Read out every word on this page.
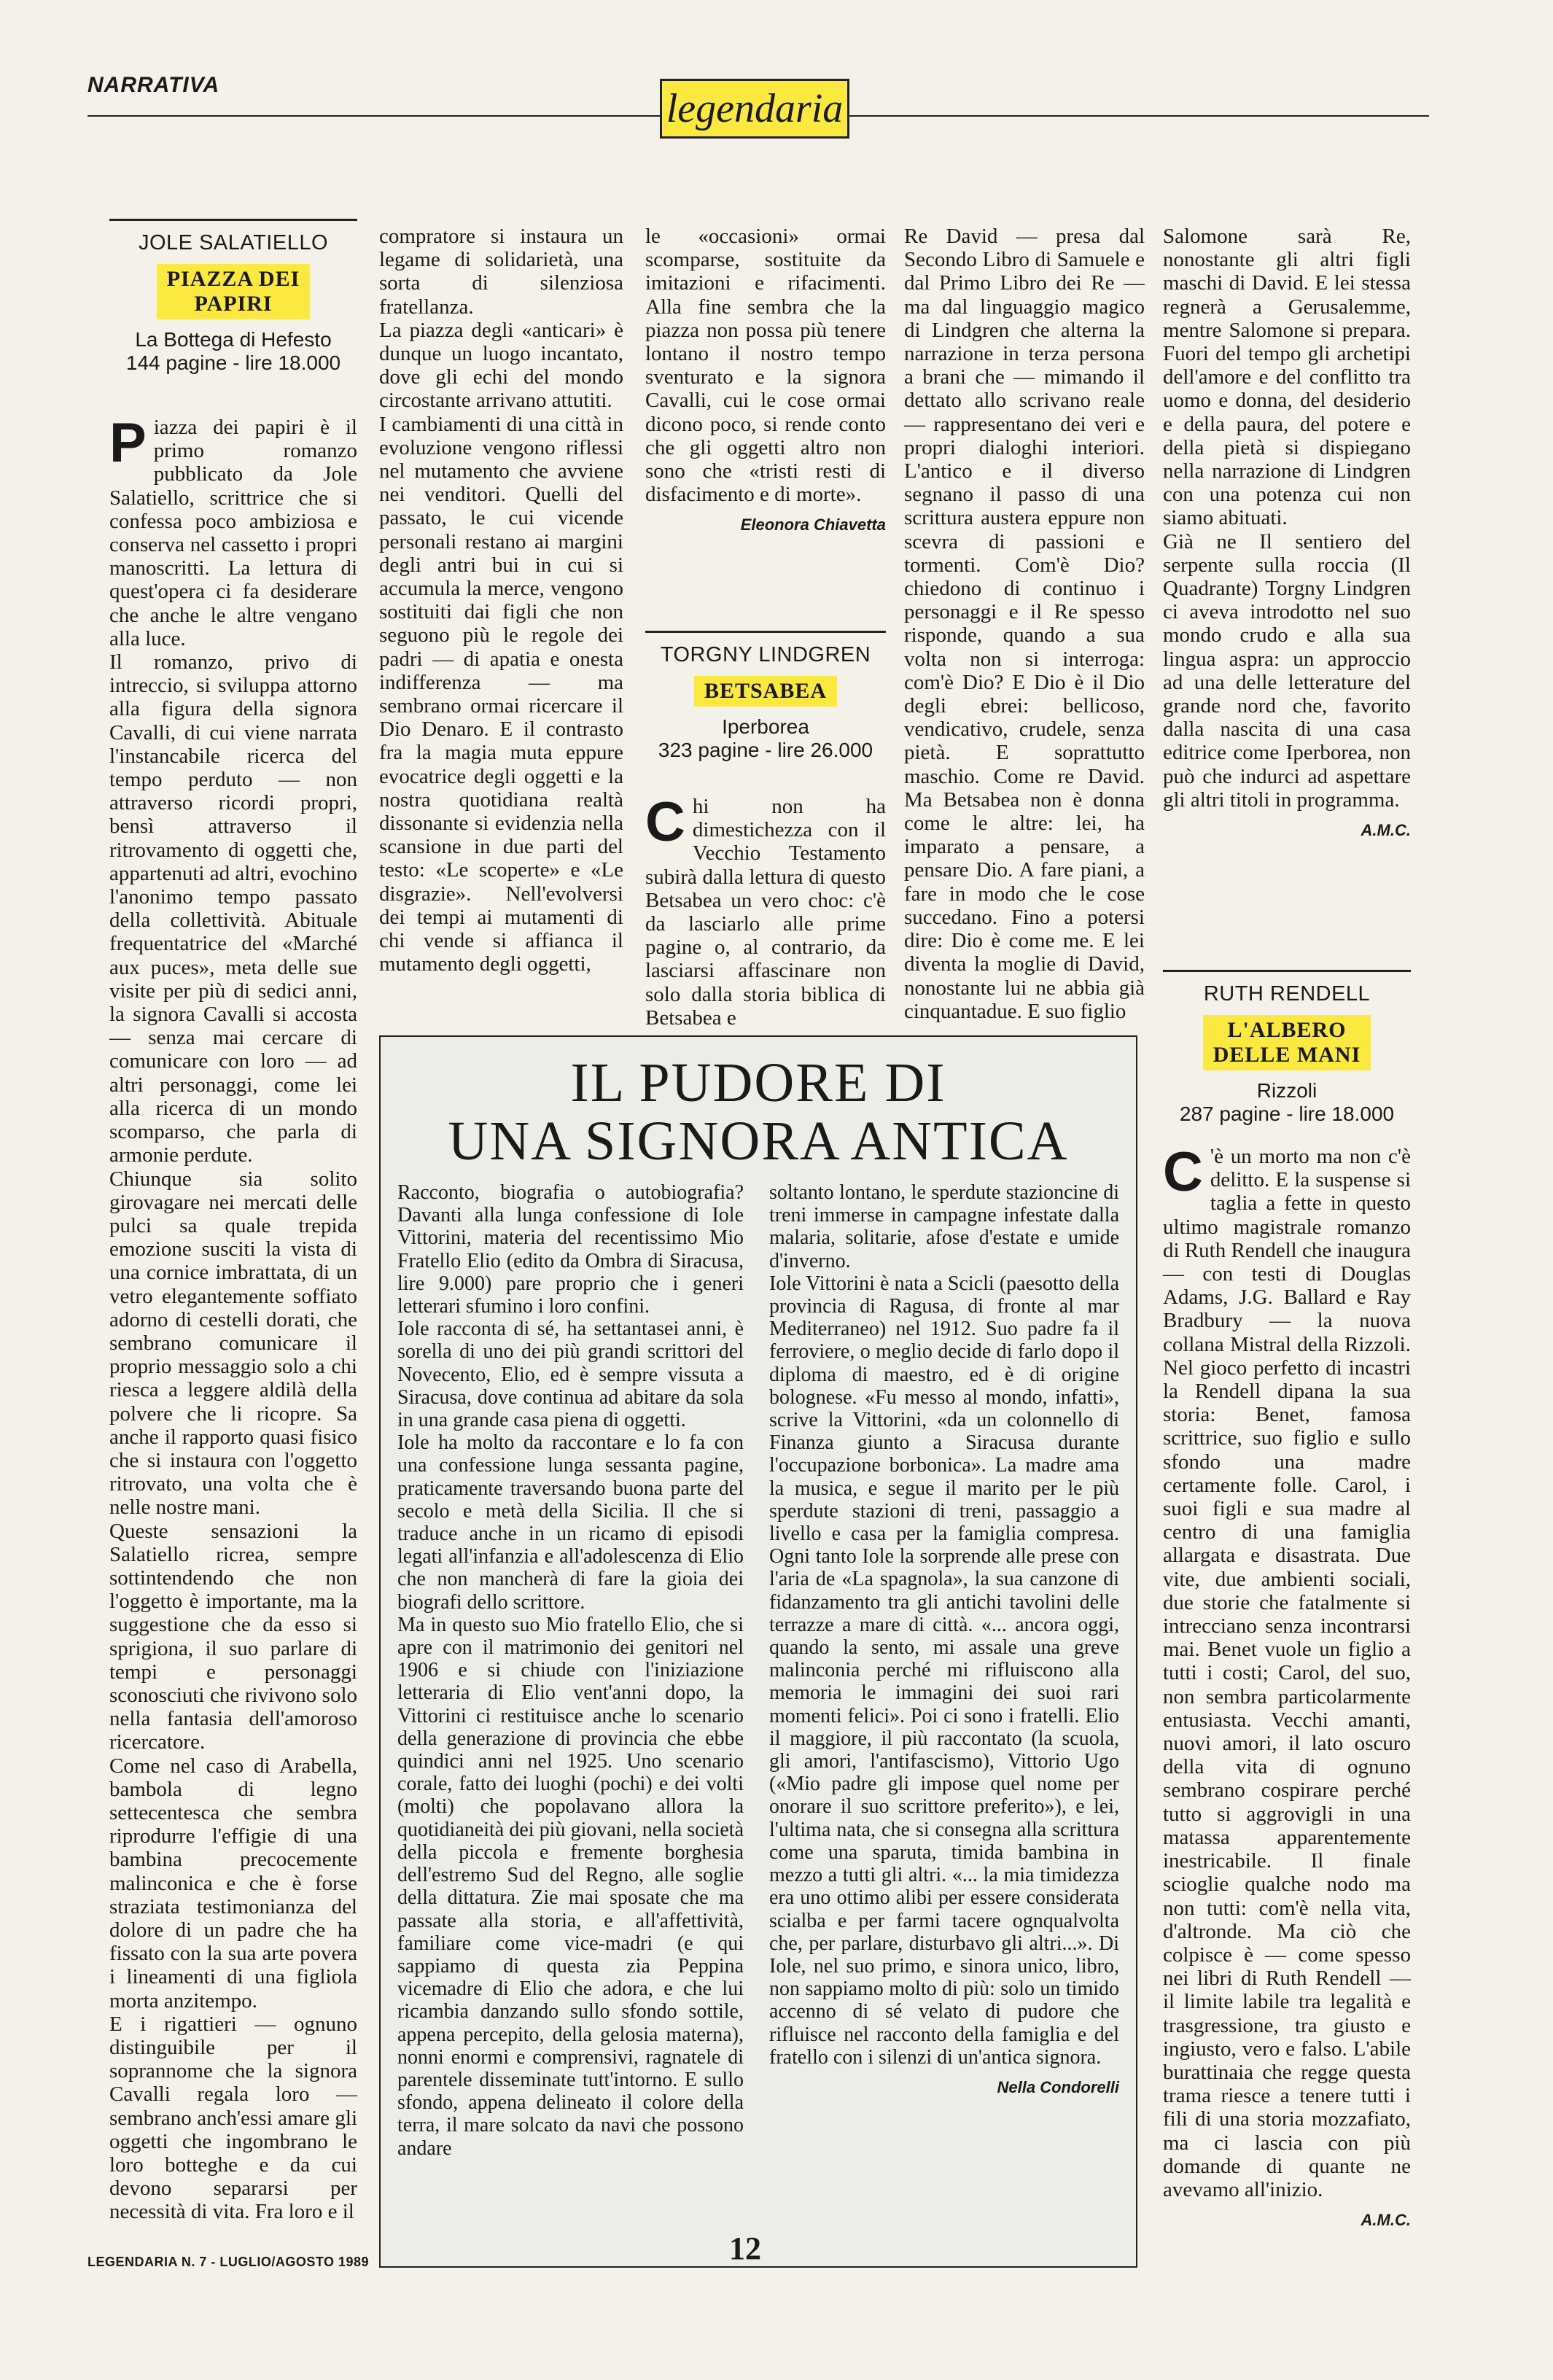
NARRATIVA
legendaria
JOLE SALATIELLO
PIAZZA DEI
PAPIRI
La Bottega di Hefesto
144 pagine - lire 18.000
P iazza dei papiri è il primo romanzo pubblicato da Jole Salatiello, scrittrice che si confessa poco ambiziosa e conserva nel cassetto i propri manoscritti. La lettura di quest'opera ci fa desiderare che anche le altre vengano alla luce.

Il romanzo, privo di intreccio, si sviluppa attorno alla figura della signora Cavalli, di cui viene narrata l'instancabile ricerca del tempo perduto — non attraverso ricordi propri, bensì attraverso il ritrovamento di oggetti che, appartenuti ad altri, evochino l'anonimo tempo passato della collettività. Abituale frequentatrice del «Marché aux puces», meta delle sue visite per più di sedici anni, la signora Cavalli si accosta — senza mai cercare di comunicare con loro — ad altri personaggi, come lei alla ricerca di un mondo scomparso, che parla di armonie perdute.

Chiunque sia solito girovagare nei mercati delle pulci sa quale trepida emozione susciti la vista di una cornice imbrattata, di un vetro elegantemente soffiato adorno di cestelli dorati, che sembrano comunicare il proprio messaggio solo a chi riesca a leggere aldilà della polvere che li ricopre. Sa anche il rapporto quasi fisico che si instaura con l'oggetto ritrovato, una volta che è nelle nostre mani.

Queste sensazioni la Salatiello ricrea, sempre sottintendendo che non l'oggetto è importante, ma la suggestione che da esso si sprigiona, il suo parlare di tempi e personaggi sconosciuti che rivivono solo nella fantasia dell'amoroso ricercatore.

Come nel caso di Arabella, bambola di legno settecentesca che sembra riprodurre l'effigie di una bambina precocemente malinconica e che è forse straziata testimonianza del dolore di un padre che ha fissato con la sua arte povera i lineamenti di una figliola morta anzitempo.

E i rigattieri — ognuno distinguibile per il soprannome che la signora Cavalli regala loro — sembrano anch'essi amare gli oggetti che ingombrano le loro botteghe e da cui devono separarsi per necessità di vita. Fra loro e il

compratore si instaura un legame di solidarietà, una sorta di silenziosa fratellanza.

La piazza degli «anticari» è dunque un luogo incantato, dove gli echi del mondo circostante arrivano attutiti.

I cambiamenti di una città in evoluzione vengono riflessi nel mutamento che avviene nei venditori. Quelli del passato, le cui vicende personali restano ai margini degli antri bui in cui si accumula la merce, vengono sostituiti dai figli che non seguono più le regole dei padri — di apatia e onesta indifferenza — ma sembrano ormai ricercare il Dio Denaro. E il contrasto fra la magia muta eppure evocatrice degli oggetti e la nostra quotidiana realtà dissonante si evidenzia nella scansione in due parti del testo: «Le scoperte» e «Le disgrazie». Nell'evolversi dei tempi ai mutamenti di chi vende si affianca il mutamento degli oggetti,

le «occasioni» ormai scomparse, sostituite da imitazioni e rifacimenti. Alla fine sembra che la piazza non possa più tenere lontano il nostro tempo sventurato e la signora Cavalli, cui le cose ormai dicono poco, si rende conto che gli oggetti altro non sono che «tristi resti di disfacimento e di morte».

Eleonora Chiavetta
TORGNY LINDGREN
BETSABEA
Iperborea
323 pagine - lire 26.000
C hi non ha dimestichezza con il Vecchio Testamento subirà dalla lettura di questo Betsabea un vero choc: c'è da lasciarlo alle prime pagine o, al contrario, da lasciarsi affascinare non solo dalla storia biblica di Betsabea e

Re David — presa dal Secondo Libro di Samuele e dal Primo Libro dei Re — ma dal linguaggio magico di Lindgren che alterna la narrazione in terza persona a brani che — mimando il dettato allo scrivano reale — rappresentano dei veri e propri dialoghi interiori. L'antico e il diverso segnano il passo di una scrittura austera eppure non scevra di passioni e tormenti. Com'è Dio? chiedono di continuo i personaggi e il Re spesso risponde, quando a sua volta non si interroga: com'è Dio? E Dio è il Dio degli ebrei: bellicoso, vendicativo, crudele, senza pietà. E soprattutto maschio. Come re David. Ma Betsabea non è donna come le altre: lei, ha imparato a pensare, a pensare Dio. A fare piani, a fare in modo che le cose succedano. Fino a potersi dire: Dio è come me. E lei diventa la moglie di David, nonostante lui ne abbia già cinquantadue. E suo figlio

Salomone sarà Re, nonostante gli altri figli maschi di David. E lei stessa regnerà a Gerusalemme, mentre Salomone si prepara. Fuori del tempo gli archetipi dell'amore e del conflitto tra uomo e donna, del desiderio e della paura, del potere e della pietà si dispiegano nella narrazione di Lindgren con una potenza cui non siamo abituati.

Già ne Il sentiero del serpente sulla roccia (Il Quadrante) Torgny Lindgren ci aveva introdotto nel suo mondo crudo e alla sua lingua aspra: un approccio ad una delle letterature del grande nord che, favorito dalla nascita di una casa editrice come Iperborea, non può che indurci ad aspettare gli altri titoli in programma.

A.M.C.
RUTH RENDELL
L'ALBERO
DELLE MANI
Rizzoli
287 pagine - lire 18.000
C 'è un morto ma non c'è delitto. E la suspense si taglia a fette in questo ultimo magistrale romanzo di Ruth Rendell che inaugura — con testi di Douglas Adams, J.G. Ballard e Ray Bradbury — la nuova collana Mistral della Rizzoli. Nel gioco perfetto di incastri la Rendell dipana la sua storia: Benet, famosa scrittrice, suo figlio e sullo sfondo una madre certamente folle. Carol, i suoi figli e sua madre al centro di una famiglia allargata e disastrata. Due vite, due ambienti sociali, due storie che fatalmente si intrecciano senza incontrarsi mai. Benet vuole un figlio a tutti i costi; Carol, del suo, non sembra particolarmente entusiasta. Vecchi amanti, nuovi amori, il lato oscuro della vita di ognuno sembrano cospirare perché tutto si aggrovigli in una matassa apparentemente inestricabile. Il finale scioglie qualche nodo ma non tutti: com'è nella vita, d'altronde. Ma ciò che colpisce è — come spesso nei libri di Ruth Rendell — il limite labile tra legalità e trasgressione, tra giusto e ingiusto, vero e falso. L'abile burattinaia che regge questa trama riesce a tenere tutti i fili di una storia mozzafiato, ma ci lascia con più domande di quante ne avevamo all'inizio.

A.M.C.
IL PUDORE DI
UNA SIGNORA ANTICA

Racconto, biografia o autobiografia? Davanti alla lunga confessione di Iole Vittorini, materia del recentissimo Mio Fratello Elio (edito da Ombra di Siracusa, lire 9.000) pare proprio che i generi letterari sfumino i loro confini.

Iole racconta di sé, ha settantasei anni, è sorella di uno dei più grandi scrittori del Novecento, Elio, ed è sempre vissuta a Siracusa, dove continua ad abitare da sola in una grande casa piena di oggetti.

Iole ha molto da raccontare e lo fa con una confessione lunga sessanta pagine, praticamente traversando buona parte del secolo e metà della Sicilia. Il che si traduce anche in un ricamo di episodi legati all'infanzia e all'adolescenza di Elio che non mancherà di fare la gioia dei biografi dello scrittore.

Ma in questo suo Mio fratello Elio, che si apre con il matrimonio dei genitori nel 1906 e si chiude con l'iniziazione letteraria di Elio vent'anni dopo, la Vittorini ci restituisce anche lo scenario della generazione di provincia che ebbe quindici anni nel 1925. Uno scenario corale, fatto dei luoghi (pochi) e dei volti (molti) che popolavano allora la quotidianeità dei più giovani, nella società della piccola e fremente borghesia dell'estremo Sud del Regno, alle soglie della dittatura. Zie mai sposate che ma passate alla storia, e all'affettività, familiare come vice-madri (e qui sappiamo di questa zia Peppina vicemadre di Elio che adora, e che lui ricambia danzando sullo sfondo sottile, appena percepito, della gelosia materna), nonni enormi e comprensivi, ragnatele di parentele disseminate tutt'intorno. E sullo sfondo, appena delineato il colore della terra, il mare solcato da navi che possono andare

soltanto lontano, le sperdute stazioncine di treni immerse in campagne infestate dalla malaria, solitarie, afose d'estate e umide d'inverno.

Iole Vittorini è nata a Scicli (paesotto della provincia di Ragusa, di fronte al mar Mediterraneo) nel 1912. Suo padre fa il ferroviere, o meglio decide di farlo dopo il diploma di maestro, ed è di origine bolognese. «Fu messo al mondo, infatti», scrive la Vittorini, «da un colonnello di Finanza giunto a Siracusa durante l'occupazione borbonica». La madre ama la musica, e segue il marito per le più sperdute stazioni di treni, passaggio a livello e casa per la famiglia compresa. Ogni tanto Iole la sorprende alle prese con l'aria de «La spagnola», la sua canzone di fidanzamento tra gli antichi tavolini delle terrazze a mare di città. «... ancora oggi, quando la sento, mi assale una greve malinconia perché mi rifluiscono alla memoria le immagini dei suoi rari momenti felici». Poi ci sono i fratelli. Elio il maggiore, il più raccontato (la scuola, gli amori, l'antifascismo), Vittorio Ugo («Mio padre gli impose quel nome per onorare il suo scrittore preferito»), e lei, l'ultima nata, che si consegna alla scrittura come una sparuta, timida bambina in mezzo a tutti gli altri. «... la mia timidezza era uno ottimo alibi per essere considerata scialba e per farmi tacere ognqualvolta che, per parlare, disturbavo gli altri...». Di Iole, nel suo primo, e sinora unico, libro, non sappiamo molto di più: solo un timido accenno di sé velato di pudore che rifluisce nel racconto della famiglia e del fratello con i silenzi di un'antica signora.

Nella Condorelli
LEGENDARIA N. 7 - LUGLIO/AGOSTO 1989	12
